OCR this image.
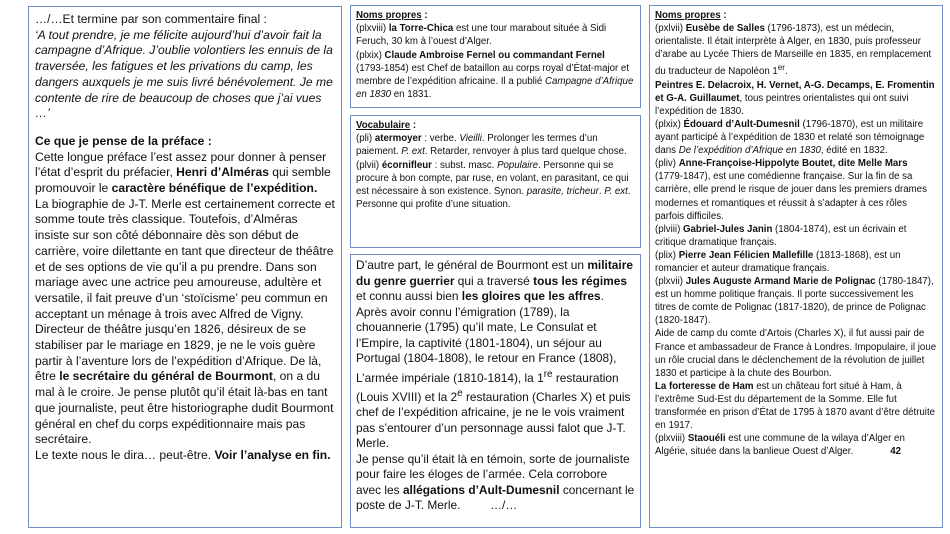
…/…Et termine par son commentaire final :

‘A tout prendre, je me félicite aujourd’hui d’avoir fait la campagne d’Afrique. J’oublie volontiers les ennuis de la traversée, les fatigues et les privations du camp, les dangers auxquels je me suis livré bénévolement. Je me contente de rire de beaucoup de choses que j’ai vues …’

Ce que je pense de la préface :

Cette longue préface l’est assez pour donner à penser l’état d’esprit du préfacier, Henri d’Alméras qui semble promouvoir le caractère bénéfique de l’expédition.

La biographie de J-T. Merle est certainement correcte et somme toute très classique. Toutefois, d’Alméras insiste sur son côté débonnaire dès son début de carrière, voire dilettante en tant que directeur de théâtre et de ses options de vie qu’il a pu prendre. Dans son mariage avec une actrice peu amoureuse, adultère et versatile, il fait preuve d’un ‘stoïcisme’ peu commun en acceptant un ménage à trois avec Alfred de Vigny.

Directeur de théâtre jusqu’en 1826, désireux de se stabiliser par le mariage en 1829, je ne le vois guère partir à l’aventure lors de l’expédition d’Afrique. De là, être le secrétaire du général de Bourmont, on a du mal à le croire. Je pense plutôt qu’il était là-bas en tant que journaliste, peut être historiographe dudit Bourmont général en chef du corps expéditionnaire mais pas secrétaire.

Le texte nous le dira… peut-être. Voir l’analyse en fin.

Noms propres :

(plxviii) la Torre-Chica est une tour marabout située à Sidi Feruch, 30 km à l’ouest d’Alger.

(plxix) Claude Ambroise Fernel ou commandant Fernel (1793-1854) est Chef de bataillon au corps royal d’État-major et membre de l’expédition africaine. Il a publié Campagne d’Afrique en 1830 en 1831.

Vocabulaire :

(pli) atermoyer : verbe. Vieilli. Prolonger les termes d’un paiement. P. ext. Retarder, renvoyer à plus tard quelque chose.

(plvii) écornifleur : subst. masc. Populaire. Personne qui se procure à bon compte, par ruse, en volant, en parasitant, ce qui est nécessaire à son existence. Synon. parasite, tricheur. P. ext. Personne qui profite d’une situation.

D’autre part, le général de Bourmont est un militaire du genre guerrier qui a traversé tous les régimes et connu aussi bien les gloires que les affres. Après avoir connu l’émigration (1789), la chouannerie (1795) qu’il mate, Le Consulat et l’Empire, la captivité (1801-1804), un séjour au Portugal (1804-1808), le retour en France (1808), L’armée impériale (1810-1814), la 1re restauration (Louis XVIII) et la 2e restauration (Charles X) et puis chef de l’expédition africaine, je ne le vois vraiment pas s’entourer d’un personnage aussi falot que J-T. Merle.

Je pense qu’il était là en témoin, sorte de journaliste pour faire les éloges de l’armée. Cela corrobore avec les allégations d’Ault-Dumesnil concernant le poste de J-T. Merle. …/…

Noms propres :

(pxlvii) Eusèbe de Salles (1796-1873), est un médecin, orientaliste. Il était interprète à Alger, en 1830, puis professeur d’arabe au Lycée Thiers de Marseille en 1835, en remplacement du traducteur de Napoléon 1er.

Peintres E. Delacroix, H. Vernet, A-G. Decamps, E. Fromentin et G-A. Guillaumet, tous peintres orientalistes qui ont suivi l’expédition de 1830.

(plxix) Édouard d’Ault-Dumesnil (1796-1870), est un militaire ayant participé à l’expédition de 1830 et relaté son témoignage dans De l’expédition d’Afrique en 1830, édité en 1832.

(pliv) Anne-Françoise-Hippolyte Boutet, dite Melle Mars (1779-1847), est une comédienne française. Sur la fin de sa carrière, elle prend le risque de jouer dans les premiers drames modernes et romantiques et réussit à s’adapter à ces rôles parfois difficiles.

(plviii) Gabriel-Jules Janin (1804-1874), est un écrivain et critique dramatique français.

(plix) Pierre Jean Félicien Mallefille (1813-1868), est un romancier et auteur dramatique français.

(plxvii) Jules Auguste Armand Marie de Polignac (1780-1847), est un homme politique français. Il porte successivement les titres de comte de Polignac (1817-1820), de prince de Polignac (1820-1847).

Aide de camp du comte d’Artois (Charles X), il fut aussi pair de France et ambassadeur de France à Londres. Impopulaire, il joue un rôle crucial dans le déclenchement de la révolution de juillet 1830 et participe à la chute des Bourbon.

La forteresse de Ham est un château fort situé à Ham, à l’extrême Sud-Est du département de la Somme. Elle fut transformée en prison d’État de 1795 à 1870 avant d’être détruite en 1917.

(plxviii) Staouéli est une commune de la wilaya d’Alger en Algérie, située dans la banlieue Ouest d’Alger.	42
